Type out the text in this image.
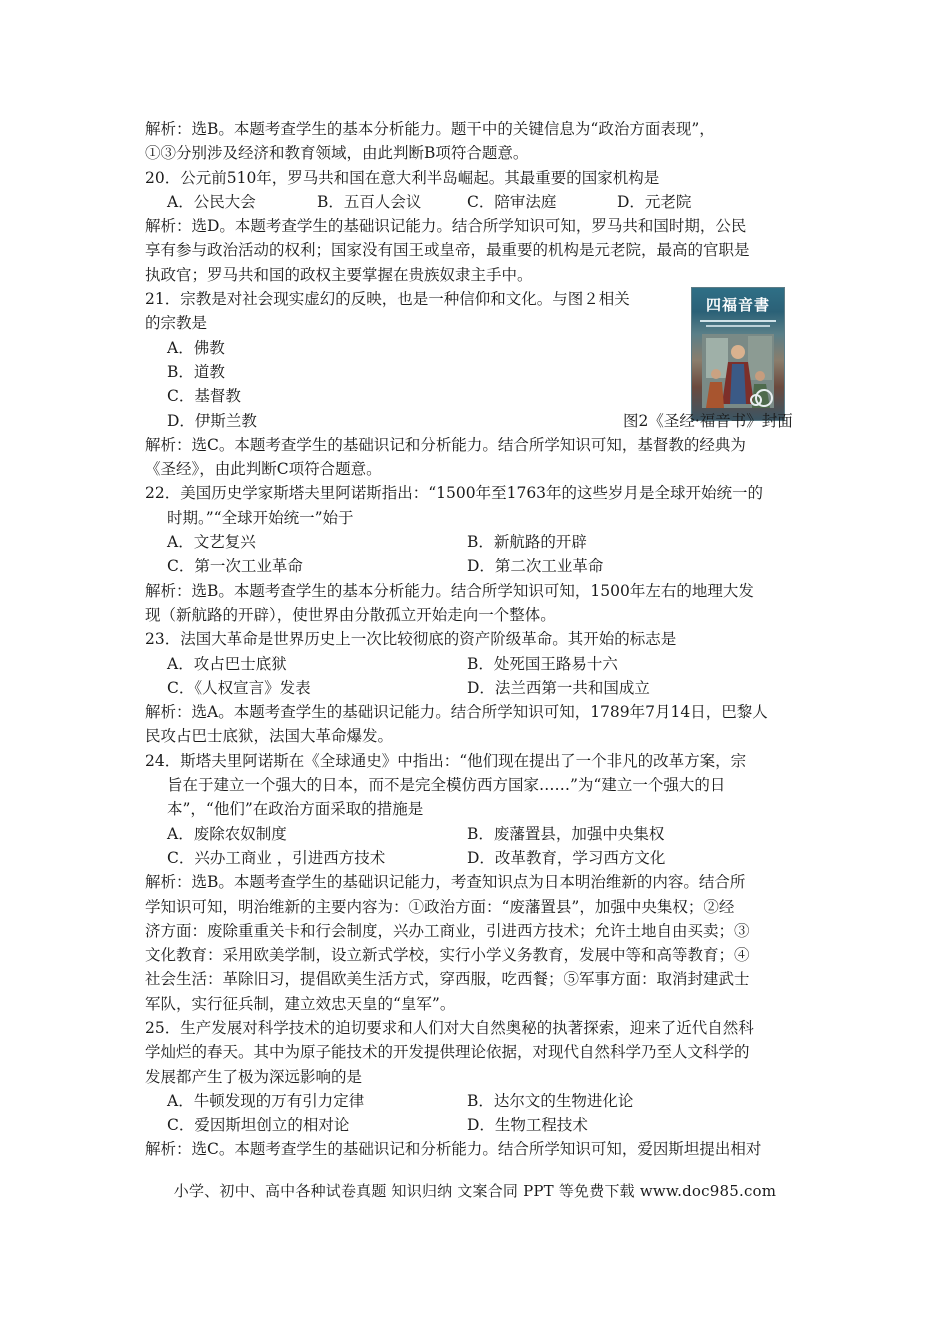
解析：选B。本题考查学生的基本分析能力。题干中的关键信息为“政治方面表现”，
①③分别涉及经济和教育领域，由此判断B项符合题意。
20．公元前510年，罗马共和国在意大利半岛崛起。其最重要的国家机构是
A．公民大会	B．五百人会议	C．陪审法庭	D．元老院
解析：选D。本题考查学生的基础识记能力。结合所学知识可知，罗马共和国时期，公民
享有参与政治活动的权利；国家没有国王或皇帝，最重要的机构是元老院，最高的官职是
执政官；罗马共和国的政权主要掌握在贵族奴隶主手中。
21．宗教是对社会现实虚幻的反映，也是一种信仰和文化。与图２相关
的宗教是
A．佛教
B．道教
C．基督教
D．伊斯兰教
四福音書
图2《圣经·福音书》封面
解析：选C。本题考查学生的基础识记和分析能力。结合所学知识可知，基督教的经典为
《圣经》，由此判断C项符合题意。
22．美国历史学家斯塔夫里阿诺斯指出：“1500年至1763年的这些岁月是全球开始统一的
时期。”“全球开始统一”始于
A．文艺复兴	B．新航路的开辟
C．第一次工业革命	D．第二次工业革命
解析：选B。本题考查学生的基本分析能力。结合所学知识可知，1500年左右的地理大发
现（新航路的开辟），使世界由分散孤立开始走向一个整体。
23．法国大革命是世界历史上一次比较彻底的资产阶级革命。其开始的标志是
A．攻占巴士底狱	B．处死国王路易十六
C．《人权宣言》发表	D．法兰西第一共和国成立
解析：选A。本题考查学生的基础识记能力。结合所学知识可知，1789年7月14日，巴黎人
民攻占巴士底狱，法国大革命爆发。
24．斯塔夫里阿诺斯在《全球通史》中指出：“他们现在提出了一个非凡的改革方案，宗
旨在于建立一个强大的日本，而不是完全模仿西方国家……”为“建立一个强大的日
本”，“他们”在政治方面采取的措施是
A．废除农奴制度	B．废藩置县，加强中央集权
C．兴办工商业 ，引进西方技术	D．改革教育，学习西方文化
解析：选B。本题考查学生的基础识记能力，考查知识点为日本明治维新的内容。结合所
学知识可知，明治维新的主要内容为：①政治方面：“废藩置县”，加强中央集权；②经
济方面：废除重重关卡和行会制度，兴办工商业，引进西方技术；允许土地自由买卖；③
文化教育：采用欧美学制，设立新式学校，实行小学义务教育，发展中等和高等教育；④
社会生活：革除旧习，提倡欧美生活方式，穿西服，吃西餐；⑤军事方面：取消封建武士
军队，实行征兵制，建立效忠天皇的“皇军”。
25．生产发展对科学技术的迫切要求和人们对大自然奥秘的执著探索，迎来了近代自然科
学灿烂的春天。其中为原子能技术的开发提供理论依据，对现代自然科学乃至人文科学的
发展都产生了极为深远影响的是
A．牛顿发现的万有引力定律	B．达尔文的生物进化论
C．爱因斯坦创立的相对论	D．生物工程技术
解析：选C。本题考查学生的基础识记和分析能力。结合所学知识可知，爱因斯坦提出相对
小学、初中、高中各种试卷真题 知识归纳 文案合同 PPT 等免费下载 www.doc985.com
